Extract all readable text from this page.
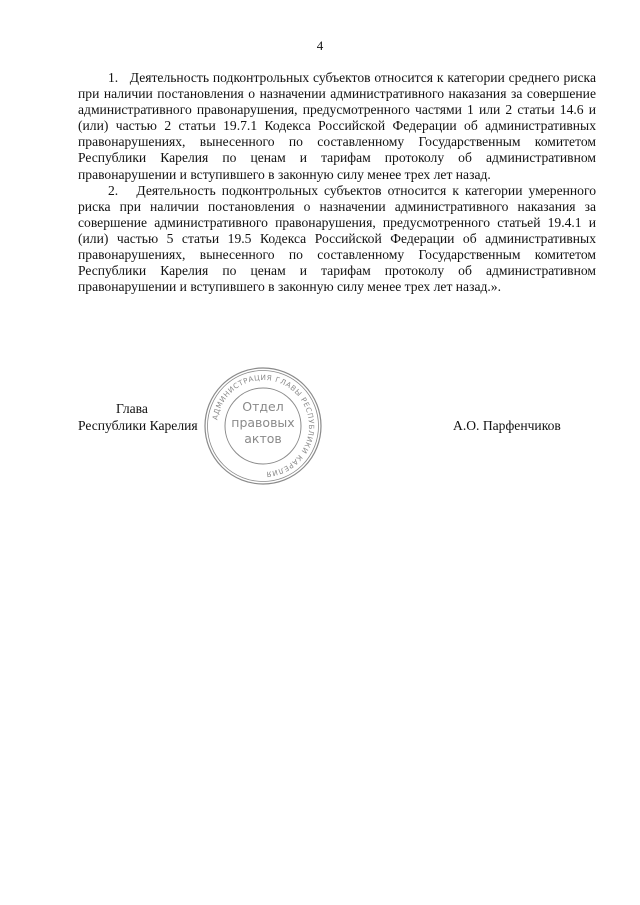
4

1.   Деятельность подконтрольных субъектов относится к категории среднего риска при наличии постановления о назначении административного наказания за совершение административного правонарушения, предусмотренного частями 1 или 2 статьи 14.6 и (или) частью 2 статьи 19.7.1 Кодекса Российской Федерации об административных правонарушениях, вынесенного по составленному Государственным комитетом Республики Карелия по ценам и тарифам протоколу об административном правонарушении и вступившего в законную силу менее трех лет назад.

2.   Деятельность подконтрольных субъектов относится к категории умеренного риска при наличии постановления о назначении административного наказания за совершение административного правонарушения, предусмотренного статьей 19.4.1 и (или) частью 5 статьи 19.5 Кодекса Российской Федерации об административных правонарушениях, вынесенного по составленному Государственным комитетом Республики Карелия по ценам и тарифам протоколу об административном правонарушении и вступившего в законную силу менее трех лет назад.».

Глава
Республики Карелия	А.О. Парфенчиков
АДМИНИСТРАЦИЯ ГЛАВЫ РЕСПУБЛИКИ КАРЕЛИЯ
Отдел
правовых
актов
